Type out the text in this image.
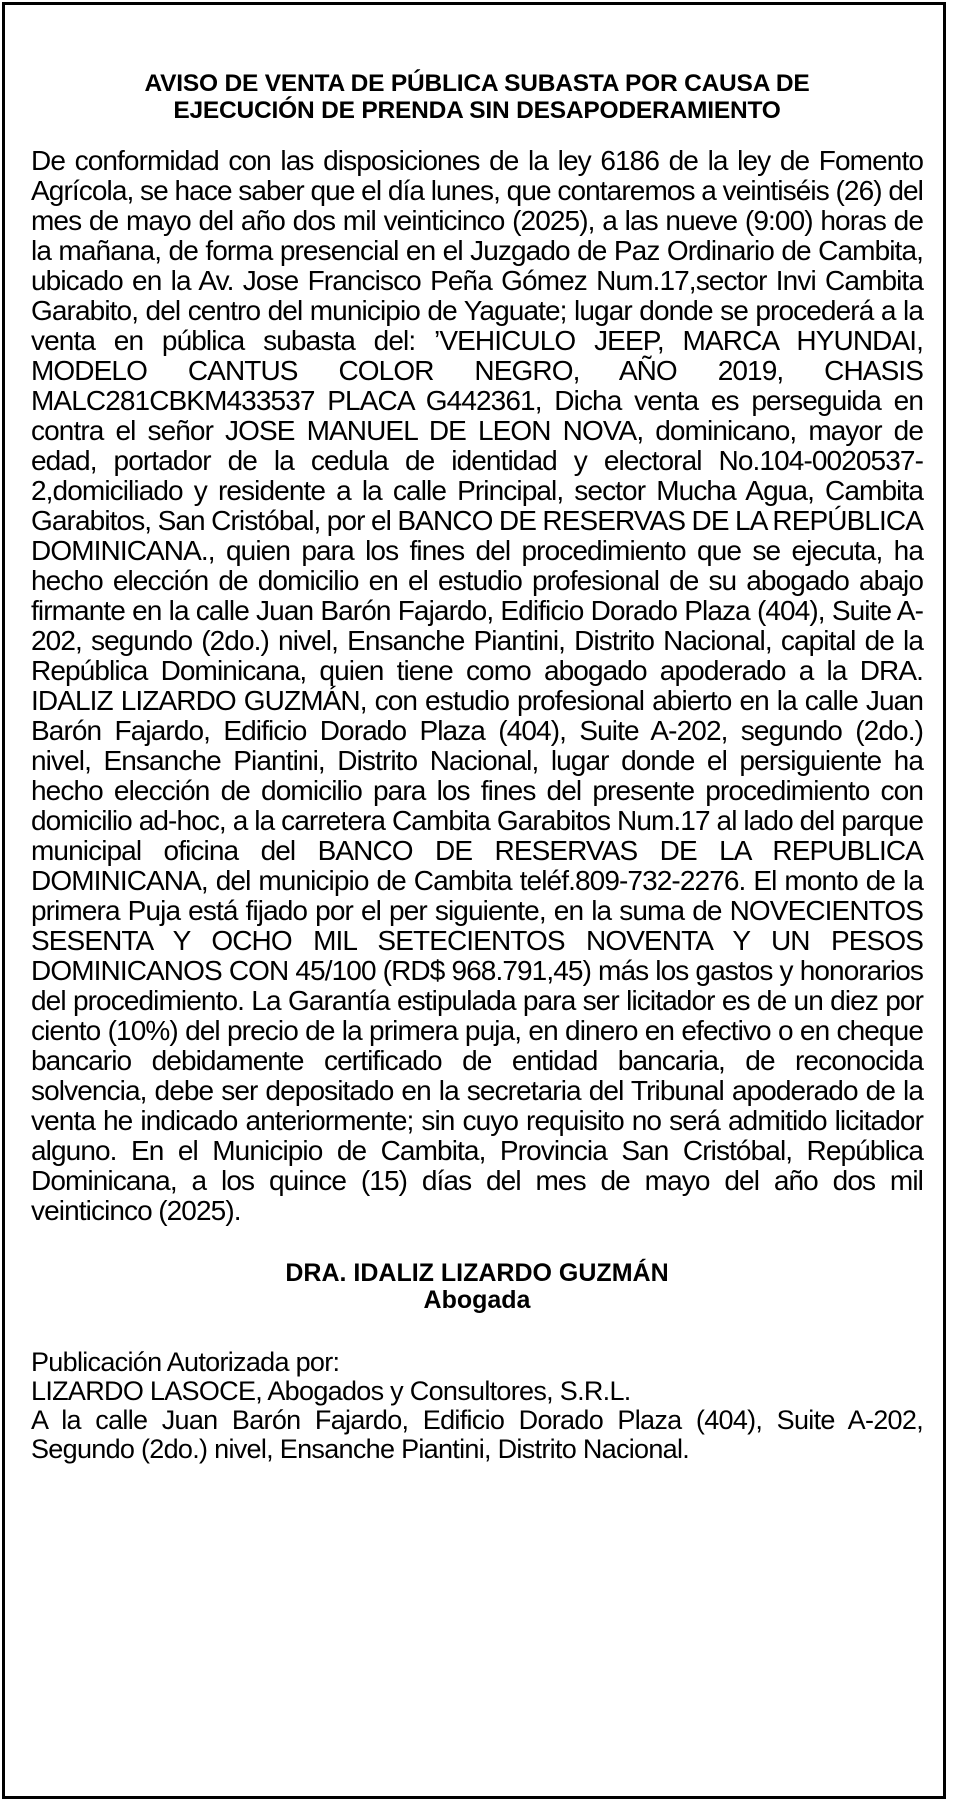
AVISO DE VENTA DE PÚBLICA SUBASTA POR CAUSA DE
EJECUCIÓN DE PRENDA SIN DESAPODERAMIENTO

De conformidad con las disposiciones de la ley 6186 de la ley de Fomento Agrícola, se hace saber que el día lunes, que contaremos a veintiséis (26) del mes de mayo del año dos mil veinticinco (2025), a las nueve (9:00) horas de la mañana, de forma presencial en el Juzgado de Paz Ordinario de Cambita, ubicado en la Av. Jose Francisco Peña Gómez Num.17,sector Invi Cambita Garabito, del centro del municipio de Yaguate; lugar donde se procederá a la venta en pública subasta del: ’VEHICULO JEEP, MARCA HYUNDAI, MODELO CANTUS COLOR NEGRO, AÑO 2019, CHASIS MALC281CBKM433537 PLACA G442361, Dicha venta es perseguida en contra el señor JOSE MANUEL DE LEON NOVA, dominicano, mayor de edad, portador de la cedula de identidad y electoral No.104-0020537-2,domiciliado y residente a la calle Principal, sector Mucha Agua, Cambita Garabitos, San Cristóbal, por el BANCO DE RESERVAS DE LA REPÚBLICA DOMINICANA., quien para los fines del procedimiento que se ejecuta, ha hecho elección de domicilio en el estudio profesional de su abogado abajo firmante en la calle Juan Barón Fajardo, Edificio Dorado Plaza (404), Suite A-202, segundo (2do.) nivel, Ensanche Piantini, Distrito Nacional, capital de la República Dominicana, quien tiene como abogado apoderado a la DRA. IDALIZ LIZARDO GUZMÁN, con estudio profesional abierto en la calle Juan Barón Fajardo, Edificio Dorado Plaza (404), Suite A-202, segundo (2do.) nivel, Ensanche Piantini, Distrito Nacional, lugar donde el persiguiente ha hecho elección de domicilio para los fines del presente procedimiento con domicilio ad-hoc, a la carretera Cambita Garabitos Num.17 al lado del parque municipal oficina del BANCO DE RESERVAS DE LA REPUBLICA DOMINICANA, del municipio de Cambita teléf.809-732-2276. El monto de la primera Puja está fijado por el per siguiente, en la suma de NOVECIENTOS SESENTA Y OCHO MIL SETECIENTOS NOVENTA Y UN PESOS DOMINICANOS CON 45/100 (RD$ 968.791,45) más los gastos y honorarios del procedimiento. La Garantía estipulada para ser licitador es de un diez por ciento (10%) del precio de la primera puja, en dinero en efectivo o en cheque bancario debidamente certificado de entidad bancaria, de reconocida solvencia, debe ser depositado en la secretaria del Tribunal apoderado de la venta he indicado anteriormente; sin cuyo requisito no será admitido licitador alguno. En el Municipio de Cambita, Provincia San Cristóbal, República Dominicana, a los quince (15) días del mes de mayo del año dos mil veinticinco (2025).

DRA. IDALIZ LIZARDO GUZMÁN
Abogada
Publicación Autorizada por:
LIZARDO LASOCE, Abogados y Consultores, S.R.L.
A la calle Juan Barón Fajardo, Edificio Dorado Plaza (404), Suite A-202, Segundo (2do.) nivel, Ensanche Piantini, Distrito Nacional.
